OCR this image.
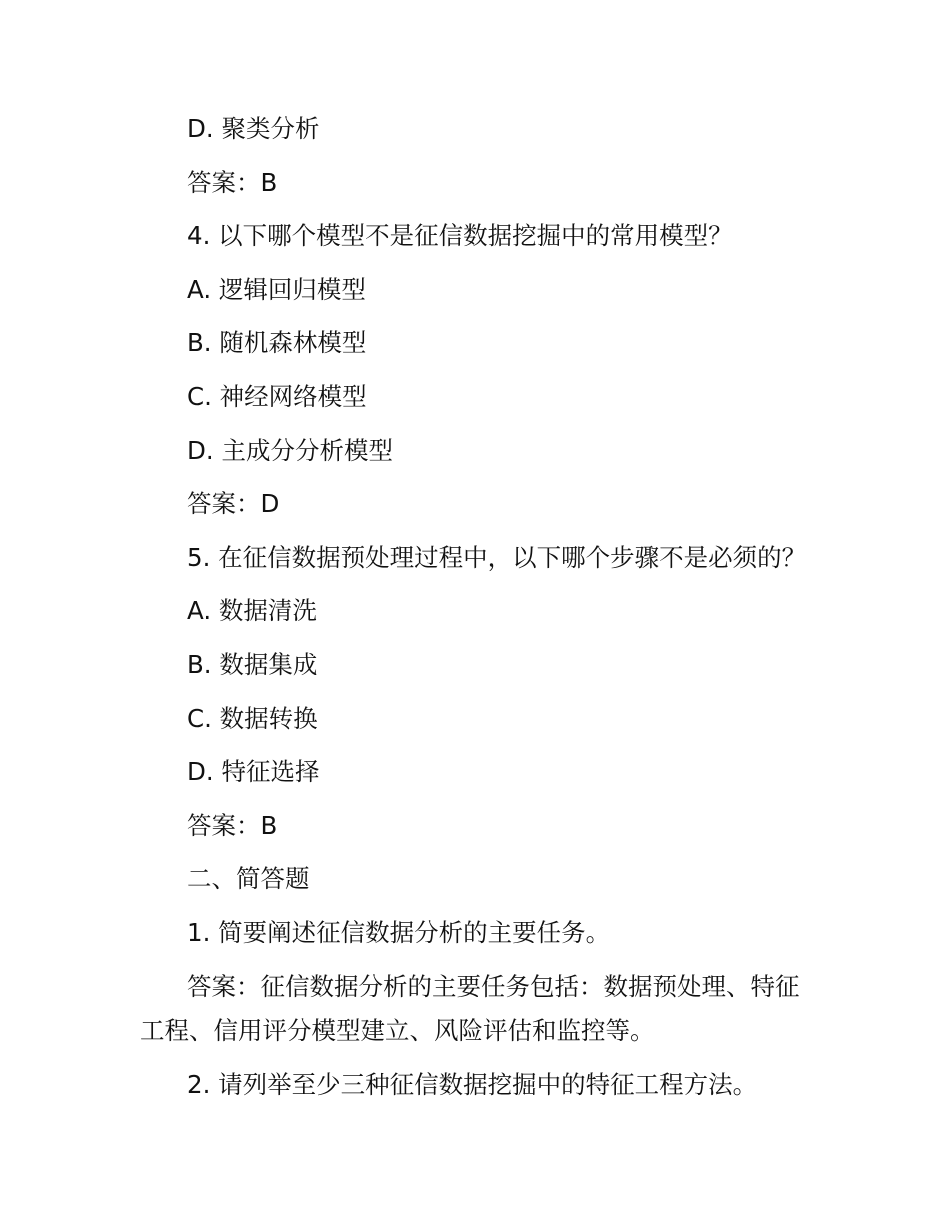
D. 聚类分析

答案：B

4. 以下哪个模型不是征信数据挖掘中的常用模型？

A. 逻辑回归模型

B. 随机森林模型

C. 神经网络模型

D. 主成分分析模型

答案：D

5. 在征信数据预处理过程中，以下哪个步骤不是必须的？

A. 数据清洗

B. 数据集成

C. 数据转换

D. 特征选择

答案：B

二、简答题

1. 简要阐述征信数据分析的主要任务。

答案：征信数据分析的主要任务包括：数据预处理、特征工程、信用评分模型建立、风险评估和监控等。

2. 请列举至少三种征信数据挖掘中的特征工程方法。
